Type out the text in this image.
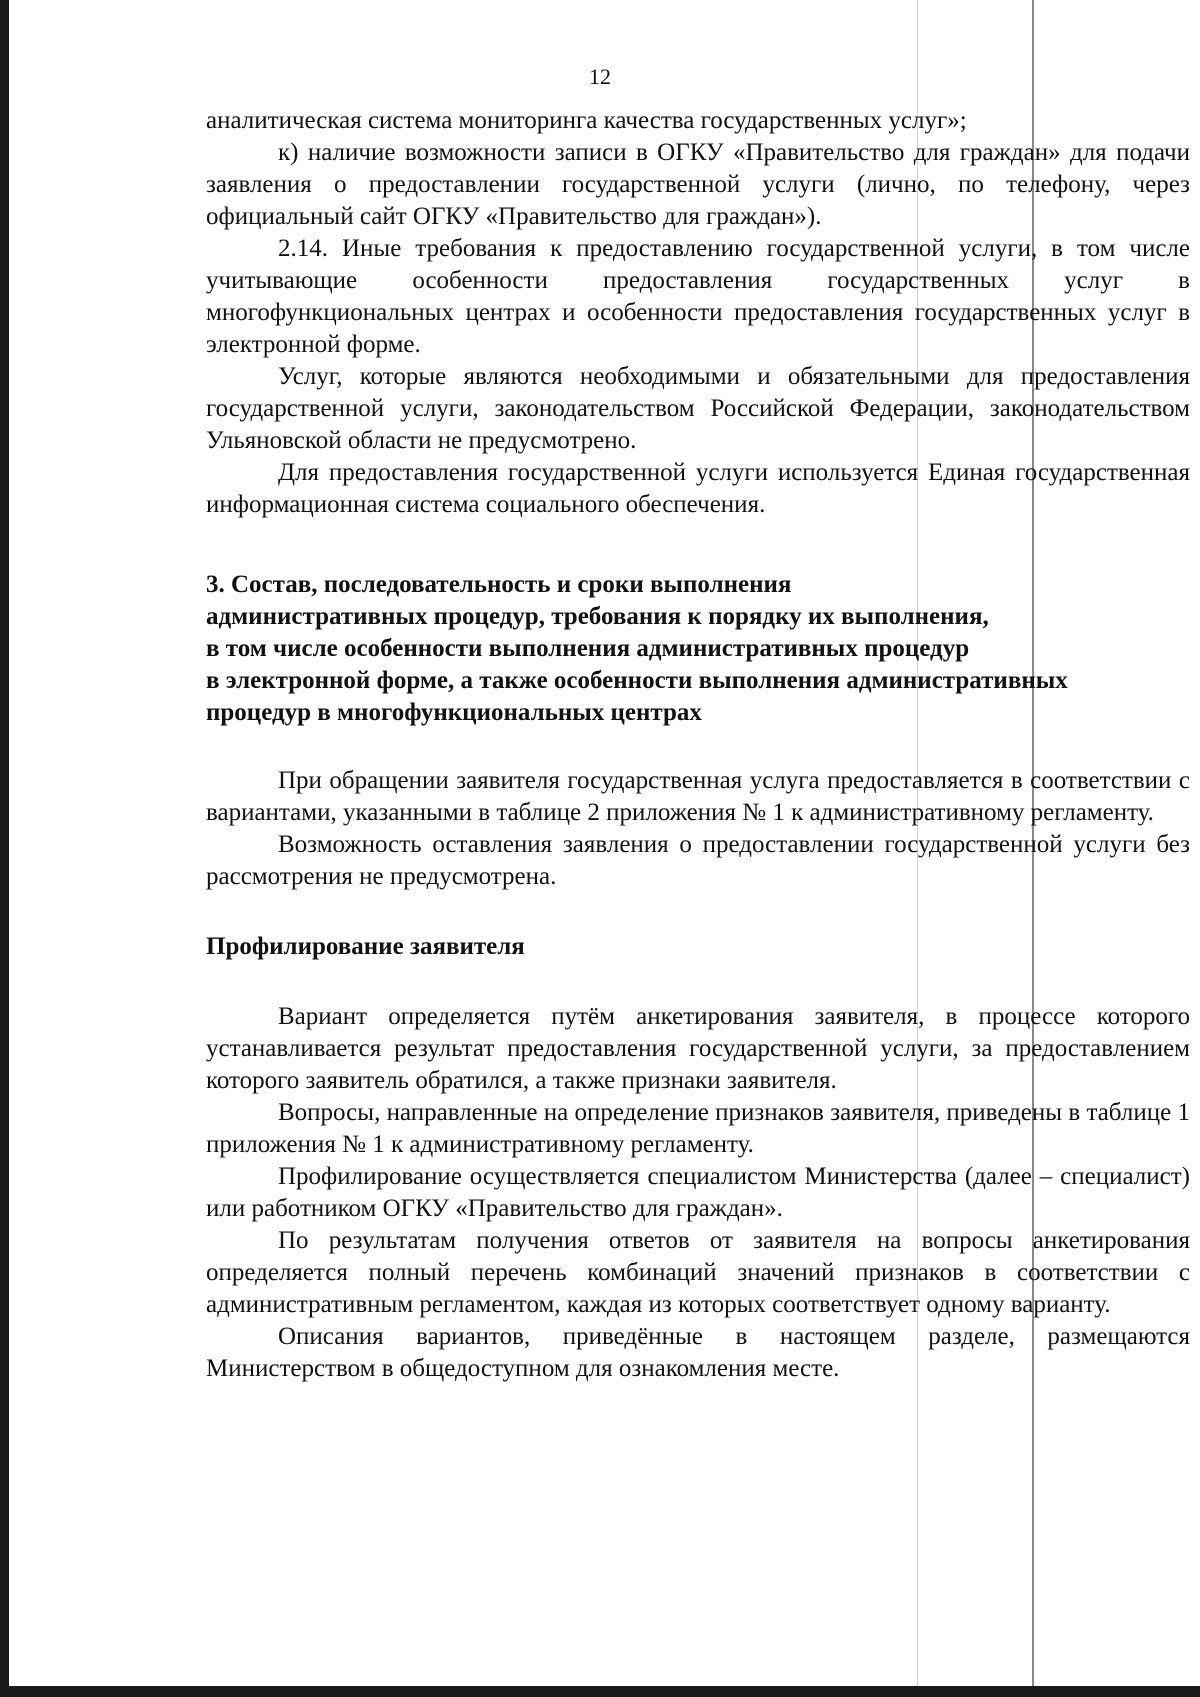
12

аналитическая система мониторинга качества государственных услуг»;

к) наличие возможности записи в ОГКУ «Правительство для граждан» для подачи заявления о предоставлении государственной услуги (лично, по телефону, через официальный сайт ОГКУ «Правительство для граждан»).

2.14. Иные требования к предоставлению государственной услуги, в том числе учитывающие особенности предоставления государственных услуг в многофункциональных центрах и особенности предоставления государственных услуг в электронной форме.

Услуг, которые являются необходимыми и обязательными для предоставления государственной услуги, законодательством Российской Федерации, законодательством Ульяновской области не предусмотрено.

Для предоставления государственной услуги используется Единая государственная информационная система социального обеспечения.

3. Состав, последовательность и сроки выполнения

административных процедур, требования к порядку их выполнения,

в том числе особенности выполнения административных процедур

в электронной форме, а также особенности выполнения административных

процедур в многофункциональных центрах

При обращении заявителя государственная услуга предоставляется в соответствии с вариантами, указанными в таблице 2 приложения № 1 к административному регламенту.

Возможность оставления заявления о предоставлении государственной услуги без рассмотрения не предусмотрена.

Профилирование заявителя

Вариант определяется путём анкетирования заявителя, в процессе которого устанавливается результат предоставления государственной услуги, за предоставлением которого заявитель обратился, а также признаки заявителя.

Вопросы, направленные на определение признаков заявителя, приведены в таблице 1 приложения № 1 к административному регламенту.

Профилирование осуществляется специалистом Министерства (далее – специалист) или работником ОГКУ «Правительство для граждан».

По результатам получения ответов от заявителя на вопросы анкетирования определяется полный перечень комбинаций значений признаков в соответствии с административным регламентом, каждая из которых соответствует одному варианту.

Описания вариантов, приведённые в настоящем разделе, размещаются Министерством в общедоступном для ознакомления месте.
